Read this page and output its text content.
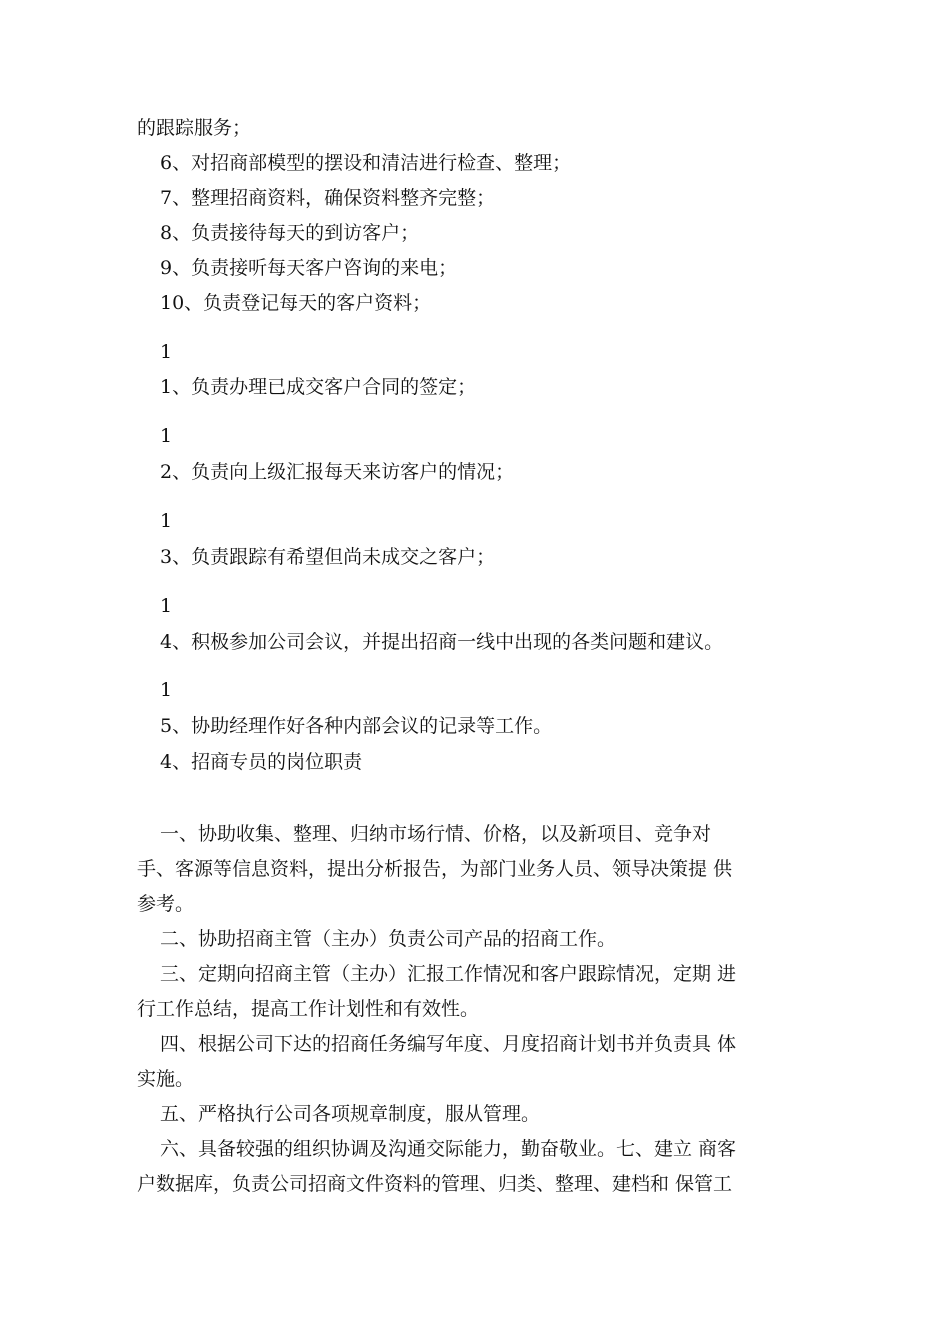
的跟踪服务；
6、对招商部模型的摆设和清洁进行检查、整理；
7、整理招商资料，确保资料整齐完整；
8、负责接待每天的到访客户；
9、负责接听每天客户咨询的来电；
10、负责登记每天的客户资料；
1
1、负责办理已成交客户合同的签定；
1
2、负责向上级汇报每天来访客户的情况；
1
3、负责跟踪有希望但尚未成交之客户；
1
4、积极参加公司会议，并提出招商一线中出现的各类问题和建议。
1
5、协助经理作好各种内部会议的记录等工作。
4、招商专员的岗位职责
一、协助收集、整理、归纳市场行情、价格，以及新项目、竞争对
手、客源等信息资料，提出分析报告，为部门业务人员、领导决策提 供
参考。
二、协助招商主管（主办）负责公司产品的招商工作。
三、定期向招商主管（主办）汇报工作情况和客户跟踪情况，定期 进
行工作总结，提高工作计划性和有效性。
四、根据公司下达的招商任务编写年度、月度招商计划书并负责具 体
实施。
五、严格执行公司各项规章制度，服从管理。
六、具备较强的组织协调及沟通交际能力，勤奋敬业。七、建立 商客
户数据库，负责公司招商文件资料的管理、归类、整理、建档和 保管工
